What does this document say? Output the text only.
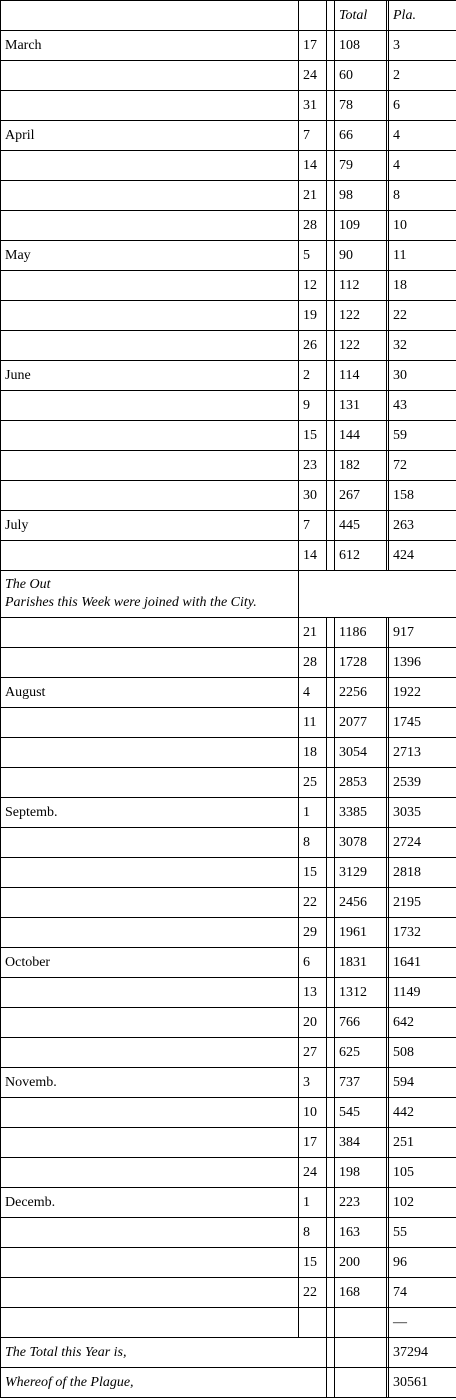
			Total		Pla.
March	17		108		3
	24		60		2
	31		78		6
April	7		66		4
	14		79		4
	21		98		8
	28		109		10
May	5		90		11
	12		112		18
	19		122		22
	26		122		32
June	2		114		30
	9		131		43
	15		144		59
	23		182		72
	30		267		158
July	7		445		263
	14		612		424
The Out
Parishes this Week were joined with the City.					
	21		1186		917
	28		1728		1396
August	4		2256		1922
	11		2077		1745
	18		3054		2713
	25		2853		2539
Septemb.	1		3385		3035
	8		3078		2724
	15		3129		2818
	22		2456		2195
	29		1961		1732
October	6		1831		1641
	13		1312		1149
	20		766		642
	27		625		508
Novemb.	3		737		594
	10		545		442
	17		384		251
	24		198		105
Decemb.	1		223		102
	8		163		55
	15		200		96
	22		168		74
					—
The Total this Year is,					37294
Whereof of the Plague,					30561
